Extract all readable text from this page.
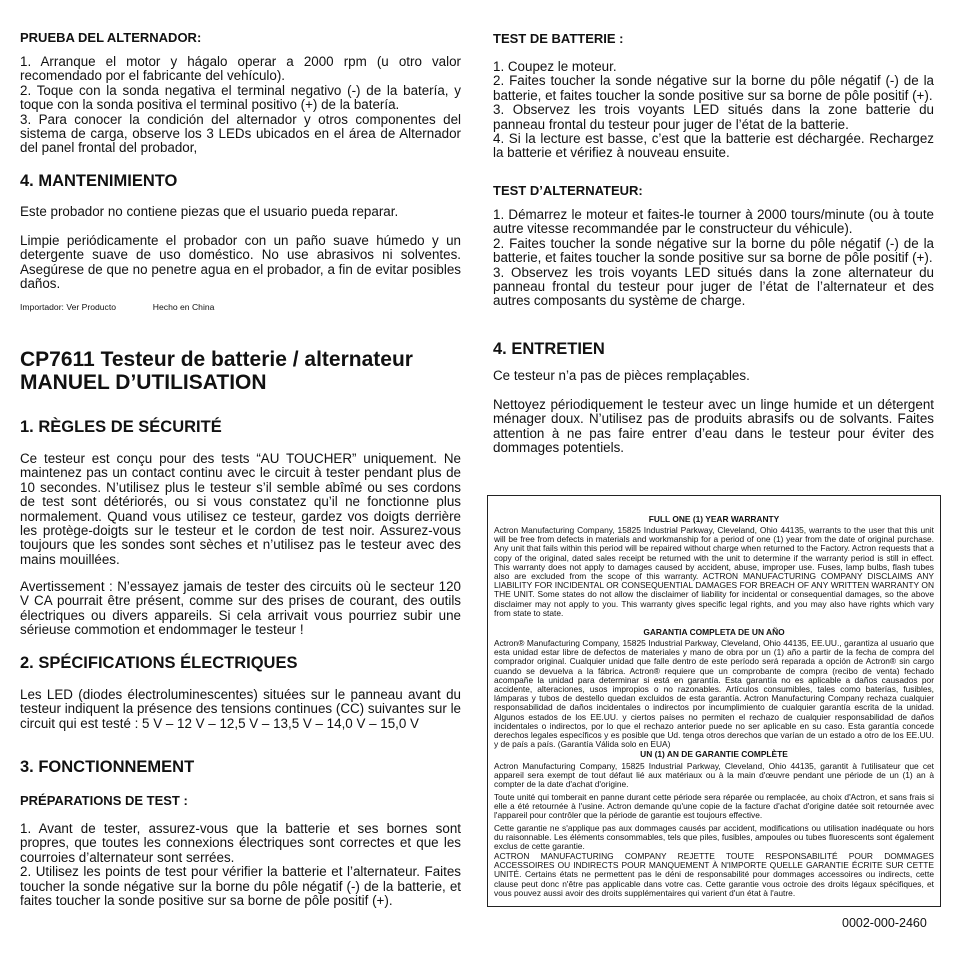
PRUEBA DEL ALTERNADOR:
1. Arranque el motor y hágalo operar a 2000 rpm (u otro valor recomendado por el fabricante del vehículo).
2. Toque con la sonda negativa el terminal negativo (-) de la batería, y toque con la sonda positiva el terminal positivo (+) de la batería.
3. Para conocer la condición del alternador y otros componentes del sistema de carga, observe los 3 LEDs ubicados en el área de Alternador del panel frontal del probador,
4. MANTENIMIENTO
Este probador no contiene piezas que el usuario pueda reparar.
Limpie periódicamente el probador con un paño suave húmedo y un detergente suave de uso doméstico. No use abrasivos ni solventes. Asegúrese de que no penetre agua en el probador, a fin de evitar posibles daños.
Importador: Ver Producto	Hecho en China
CP7611 Testeur de batterie / alternateur
MANUEL D’UTILISATION
1. RÈGLES DE SÉCURITÉ
Ce testeur est conçu pour des tests “AU TOUCHER” uniquement. Ne maintenez pas un contact continu avec le circuit à tester pendant plus de 10 secondes. N’utilisez plus le testeur s’il semble abîmé ou ses cordons de test sont détériorés, ou si vous constatez qu’il ne fonctionne plus normalement. Quand vous utilisez ce testeur, gardez vos doigts derrière les protège-doigts sur le testeur et le cordon de test noir. Assurez-vous toujours que les sondes sont sèches et n’utilisez pas le testeur avec des mains mouillées.
Avertissement : N’essayez jamais de tester des circuits où le secteur 120 V CA pourrait être présent, comme sur des prises de courant, des outils électriques ou divers appareils. Si cela arrivait vous pourriez subir une sérieuse commotion et endommager le testeur !
2. SPÉCIFICATIONS ÉLECTRIQUES
Les LED (diodes électroluminescentes) situées sur le panneau avant du testeur indiquent la présence des tensions continues (CC) suivantes sur le circuit qui est testé : 5 V – 12 V – 12,5 V – 13,5 V – 14,0 V – 15,0 V
3. FONCTIONNEMENT
PRÉPARATIONS DE TEST :
1. Avant de tester, assurez-vous que la batterie et ses bornes sont propres, que toutes les connexions électriques sont correctes et que les courroies d’alternateur sont serrées.
2. Utilisez les points de test pour vérifier la batterie et l’alternateur. Faites toucher la sonde négative sur la borne du pôle négatif (-) de la batterie, et faites toucher la sonde positive sur sa borne de pôle positif (+).
TEST DE BATTERIE :
1. Coupez le moteur.
2. Faites toucher la sonde négative sur la borne du pôle négatif (-) de la batterie, et faites toucher la sonde positive sur sa borne de pôle positif (+).
3. Observez les trois voyants LED situés dans la zone batterie du panneau frontal du testeur pour juger de l’état de la batterie.
4. Si la lecture est basse, c’est que la batterie est déchargée. Rechargez la batterie et vérifiez à nouveau ensuite.
TEST D’ALTERNATEUR:
1. Démarrez le moteur et faites-le tourner à 2000 tours/minute (ou à toute autre vitesse recommandée par le constructeur du véhicule).
2. Faites toucher la sonde négative sur la borne du pôle négatif (-) de la batterie, et faites toucher la sonde positive sur sa borne de pôle positif (+).
3. Observez les trois voyants LED situés dans la zone alternateur du panneau frontal du testeur pour juger de l’état de l’alternateur et des autres composants du système de charge.
4. ENTRETIEN
Ce testeur n’a pas de pièces remplaçables.
Nettoyez périodiquement le testeur avec un linge humide et un détergent ménager doux. N’utilisez pas de produits abrasifs ou de solvants. Faites attention à ne pas faire entrer d’eau dans le testeur pour éviter des dommages potentiels.
FULL ONE (1) YEAR WARRANTY
Actron Manufacturing Company, 15825 Industrial Parkway, Cleveland, Ohio 44135, warrants to the user that this unit will be free from defects in materials and workmanship for a period of one (1) year from the date of original purchase. Any unit that fails within this period will be repaired without charge when returned to the Factory. Actron requests that a copy of the original, dated sales receipt be returned with the unit to determine if the warranty period is still in effect. This warranty does not apply to damages caused by accident, abuse, improper use. Fuses, lamp bulbs, flash tubes also are excluded from the scope of this warranty. ACTRON MANUFACTURING COMPANY DISCLAIMS ANY LIABILITY FOR INCIDENTAL OR CONSEQUENTIAL DAMAGES FOR BREACH OF ANY WRITTEN WARRANTY ON THE UNIT. Some states do not allow the disclaimer of liability for incidental or consequential damages, so the above disclaimer may not apply to you. This warranty gives specific legal rights, and you may also have rights which vary from state to state.
GARANTIA COMPLETA DE UN AÑO
Actron® Manufacturing Company, 15825 Industrial Parkway, Cleveland, Ohio 44135, EE.UU., garantiza al usuario que esta unidad estar libre de defectos de materiales y mano de obra por un (1) año a partir de la fecha de compra del comprador original. Cualquier unidad que falle dentro de este período será reparada a opción de Actron® sin cargo cuando se devuelva a la fábrica. Actron® requiere que un comprobante de compra (recibo de venta) fechado acompañe la unidad para determinar si está en garantía. Esta garantía no es aplicable a daños causados por accidente, alteraciones, usos impropios o no razonables. Artículos consumibles, tales como baterías, fusibles, lámparas y tubos de destello quedan excluidos de esta garantía. Actron Manufacturing Company rechaza cualquier responsabilidad de daños incidentales o indirectos por incumplimiento de cualquier garantía escrita de la unidad. Algunos estados de los EE.UU. y ciertos países no permiten el rechazo de cualquier responsabilidad de daños incidentales o indirectos, por lo que el rechazo anterior puede no ser aplicable en su caso. Esta garantía concede derechos legales específicos y es posible que Ud. tenga otros derechos que varían de un estado a otro de los EE.UU. y de país a país. (Garantía Válida solo en EUA)
UN (1) AN DE GARANTIE COMPLÈTE
Actron Manufacturing Company, 15825 Industrial Parkway, Cleveland, Ohio 44135, garantit à l'utilisateur que cet appareil sera exempt de tout défaut lié aux matériaux ou à la main d'œuvre pendant une période de un (1) an à compter de la date d'achat d'origine.
Toute unité qui tomberait en panne durant cette période sera réparée ou remplacée, au choix d'Actron, et sans frais si elle a été retournée à l'usine. Actron demande qu'une copie de la facture d'achat d'origine datée soit retournée avec l'appareil pour contrôler que la période de garantie est toujours effective.
Cette garantie ne s'applique pas aux dommages causés par accident, modifications ou utilisation inadéquate ou hors du raisonnable. Les éléments consommables, tels que piles, fusibles, ampoules ou tubes fluorescents sont également exclus de cette garantie.
ACTRON MANUFACTURING COMPANY REJETTE TOUTE RESPONSABILITÉ POUR DOMMAGES ACCESSOIRES OU INDIRECTS POUR MANQUEMENT À N'IMPORTE QUELLE GARANTIE ÉCRITE SUR CETTE UNITÉ. Certains états ne permettent pas le déni de responsabilité pour dommages accessoires ou indirects, cette clause peut donc n'être pas applicable dans votre cas. Cette garantie vous octroie des droits légaux spécifiques, et vous pouvez aussi avoir des droits supplémentaires qui varient d'un état à l'autre.
0002-000-2460
